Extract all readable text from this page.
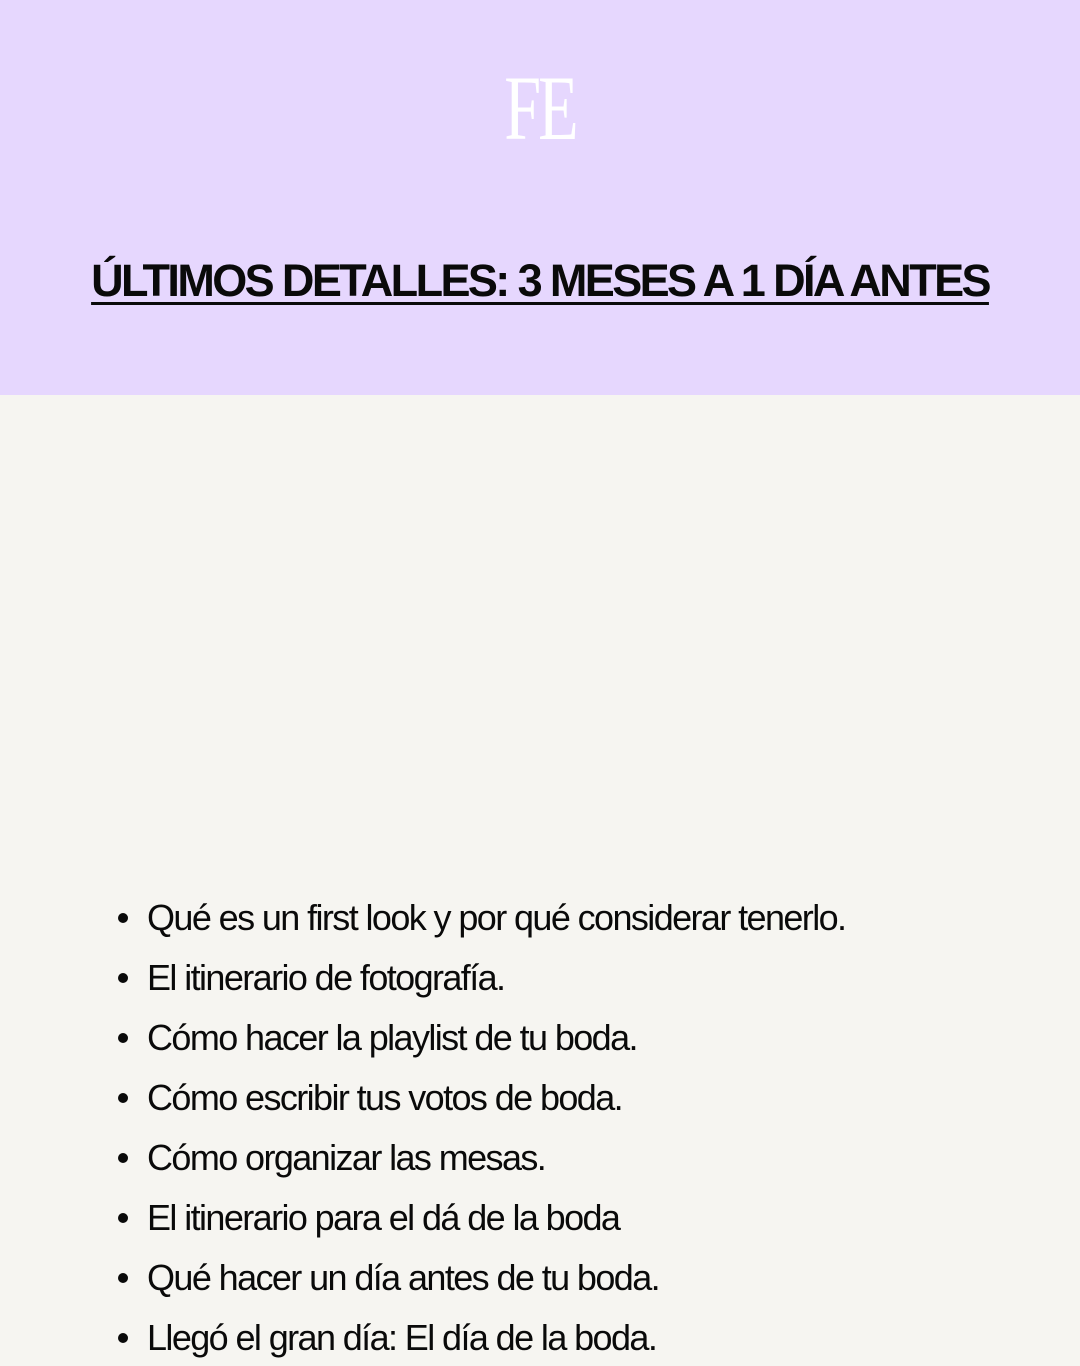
FE
ÚLTIMOS DETALLES: 3 MESES A 1 DÍA ANTES
Qué es un first look y por qué considerar tenerlo.
El itinerario de fotografía.
Cómo hacer la playlist de tu boda.
Cómo escribir tus votos de boda.
Cómo organizar las mesas.
El itinerario para el dá de la boda
Qué hacer un día antes de tu boda.
Llegó el gran día: El día de la boda.
